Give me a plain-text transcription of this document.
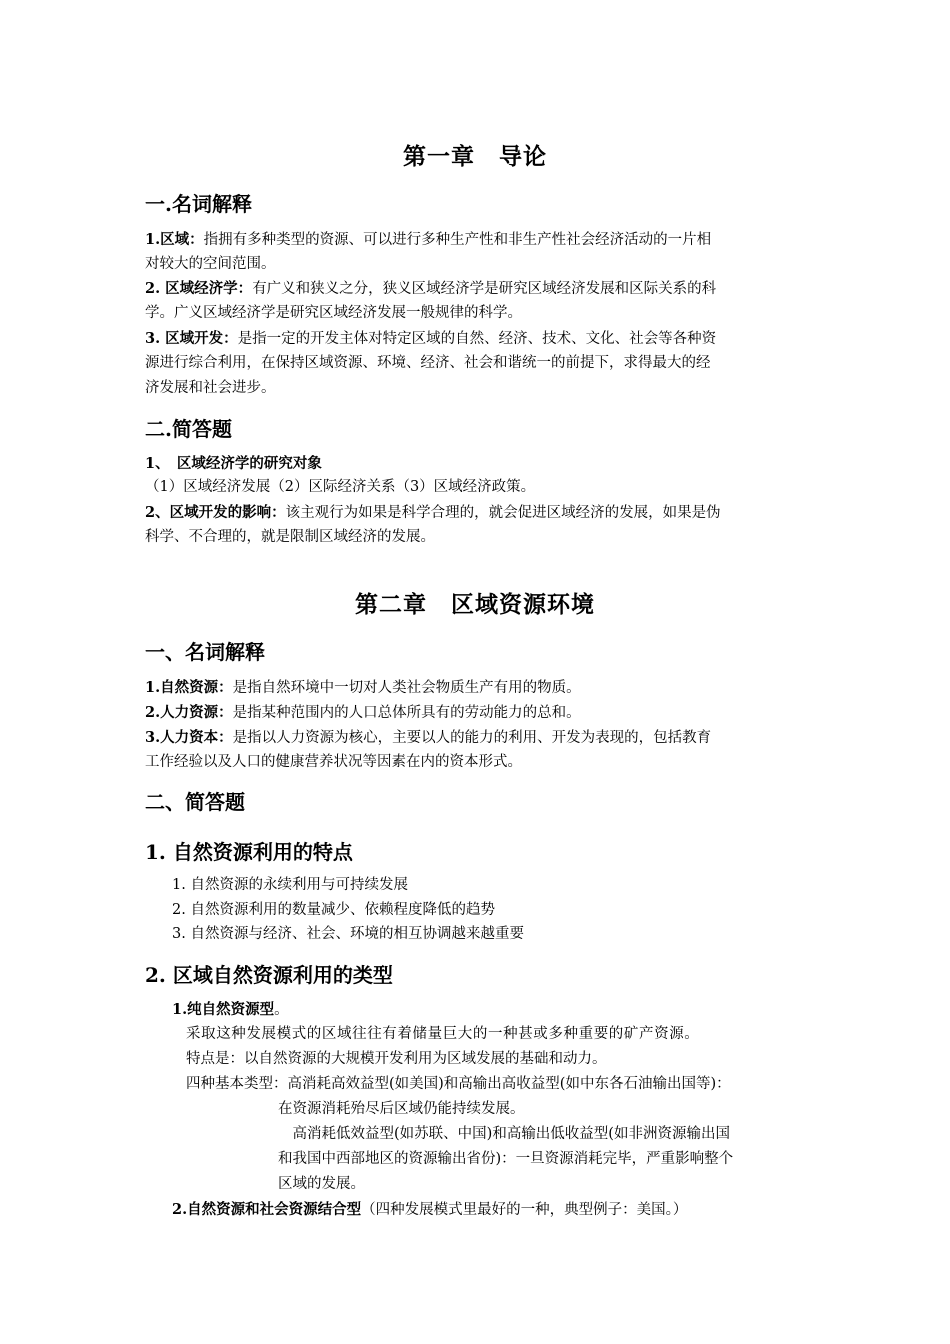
第一章　导论
一.名词解释
1.区域：指拥有多种类型的资源、可以进行多种生产性和非生产性社会经济活动的一片相
对较大的空间范围。
2. 区域经济学：有广义和狭义之分，狭义区域经济学是研究区域经济发展和区际关系的科
学。广义区域经济学是研究区域经济发展一般规律的科学。
3. 区域开发：是指一定的开发主体对特定区域的自然、经济、技术、文化、社会等各种资
源进行综合利用，在保持区域资源、环境、经济、社会和谐统一的前提下，求得最大的经
济发展和社会进步。
二.简答题
1、　区域经济学的研究对象
（1）区域经济发展（2）区际经济关系（3）区域经济政策。
2、区域开发的影响：该主观行为如果是科学合理的，就会促进区域经济的发展，如果是伪
科学、不合理的，就是限制区域经济的发展。
第二章　区域资源环境
一、名词解释
1.自然资源：是指自然环境中一切对人类社会物质生产有用的物质。
2.人力资源：是指某种范围内的人口总体所具有的劳动能力的总和。
3.人力资本：是指以人力资源为核心，主要以人的能力的利用、开发为表现的，包括教育
工作经验以及人口的健康营养状况等因素在内的资本形式。
二、简答题
1. 自然资源利用的特点
1. 自然资源的永续利用与可持续发展
2. 自然资源利用的数量减少、依赖程度降低的趋势
3. 自然资源与经济、社会、环境的相互协调越来越重要
2. 区域自然资源利用的类型
1.纯自然资源型。
采取这种发展模式的区域往往有着储量巨大的一种甚或多种重要的矿产资源。
特点是：以自然资源的大规模开发利用为区域发展的基础和动力。
四种基本类型：高消耗高效益型(如美国)和高输出高收益型(如中东各石油输出国等)：
在资源消耗殆尽后区域仍能持续发展。
　高消耗低效益型(如苏联、中国)和高输出低收益型(如非洲资源输出国
和我国中西部地区的资源输出省份)：一旦资源消耗完毕，严重影响整个
区域的发展。
2.自然资源和社会资源结合型（四种发展模式里最好的一种，典型例子：美国。）
